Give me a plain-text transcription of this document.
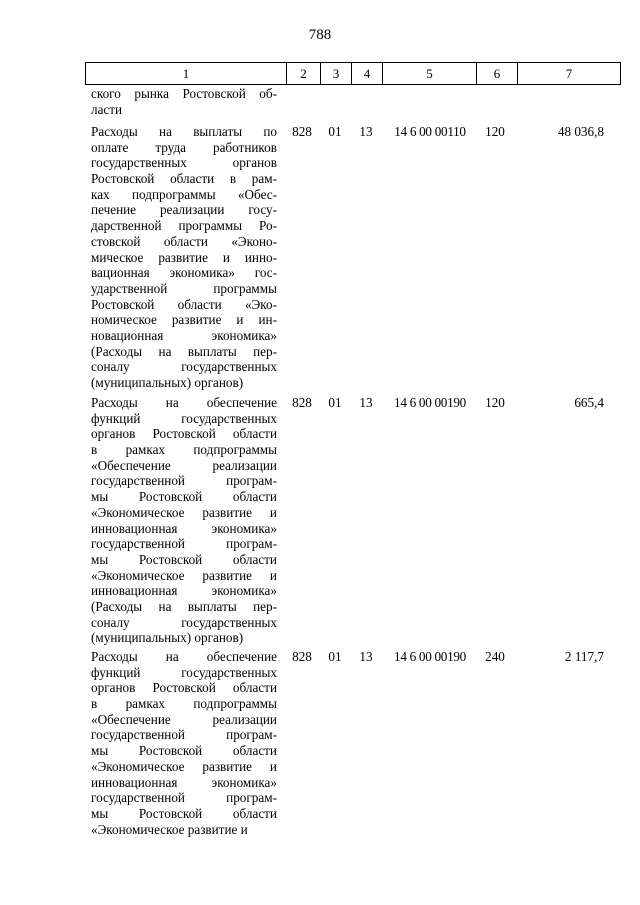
788
1	2	3	4	5	6	7
ского рынка Ростовской об-
ласти
Расходы на выплаты по
оплате труда работников
государственных органов
Ростовской области в рам-
ках подпрограммы «Обес-
печение реализации госу-
дарственной программы Ро-
стовской области «Эконо-
мическое развитие и инно-
вационная экономика» гос-
ударственной программы
Ростовской области «Эко-
номическое развитие и ин-
новационная экономика»
(Расходы на выплаты пер-
соналу государственных
(муниципальных) органов)
828	01	13	14 6 00 00110	120	48 036,8
Расходы на обеспечение
функций государственных
органов Ростовской области
в рамках подпрограммы
«Обеспечение реализации
государственной програм-
мы Ростовской области
«Экономическое развитие и
инновационная экономика»
государственной програм-
мы Ростовской области
«Экономическое развитие и
инновационная экономика»
(Расходы на выплаты пер-
соналу государственных
(муниципальных) органов)
828	01	13	14 6 00 00190	120	665,4
Расходы на обеспечение
функций государственных
органов Ростовской области
в рамках подпрограммы
«Обеспечение реализации
государственной програм-
мы Ростовской области
«Экономическое развитие и
инновационная экономика»
государственной програм-
мы Ростовской области
«Экономическое развитие и
828	01	13	14 6 00 00190	240	2 117,7
